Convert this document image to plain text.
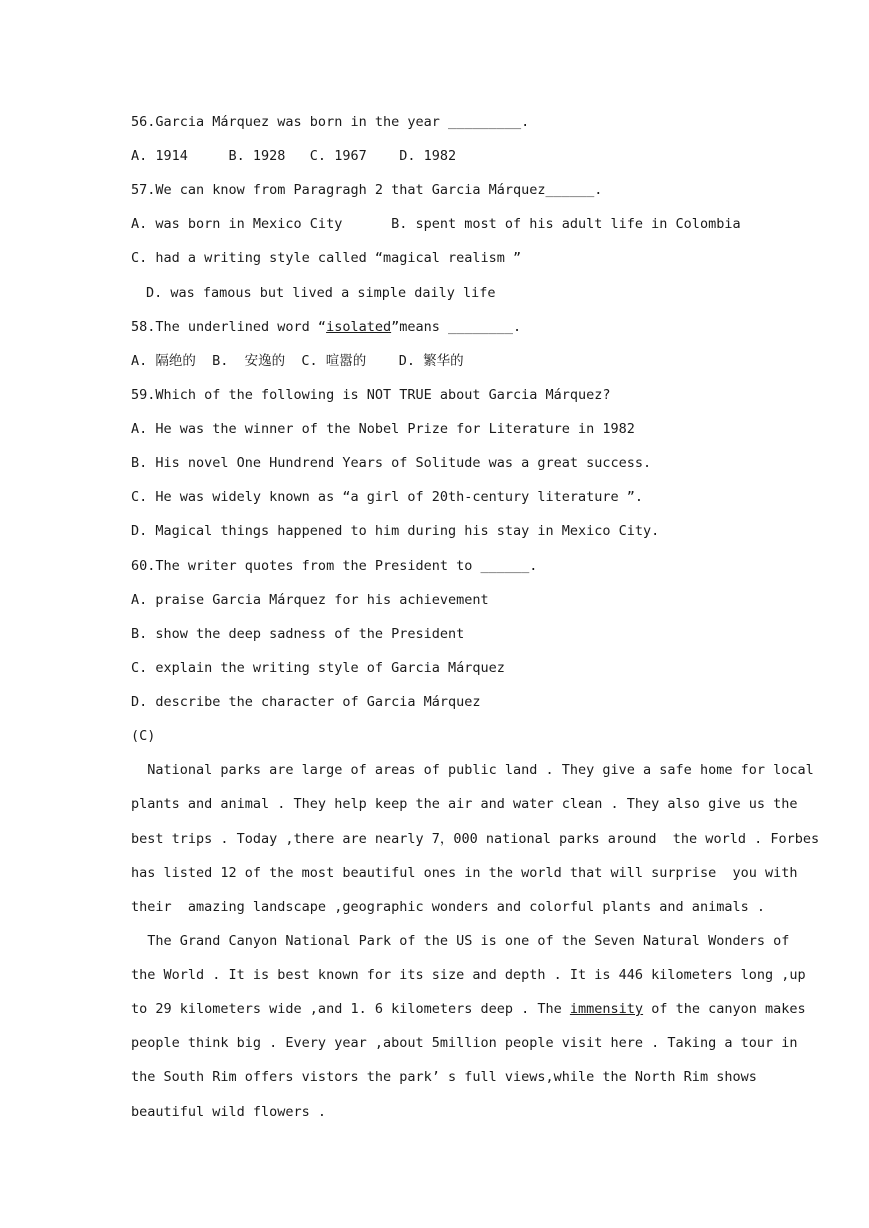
56.Garcia Márquez was born in the year _________.
A. 1914     B. 1928   C. 1967    D. 1982
57.We can know from Paragragh 2 that Garcia Márquez______.
A. was born in Mexico City      B. spent most of his adult life in Colombia
C. had a writing style called “magical realism ”
D. was famous but lived a simple daily life
58.The underlined word “isolated”means ________.
A. 隔绝的  B.  安逸的  C. 喧嚣的    D. 繁华的
59.Which of the following is NOT TRUE about Garcia Márquez?
A. He was the winner of the Nobel Prize for Literature in 1982
B. His novel One Hundrend Years of Solitude was a great success.
C. He was widely known as “a girl of 20th-century literature ”.
D. Magical things happened to him during his stay in Mexico City.
60.The writer quotes from the President to ______.
A. praise Garcia Márquez for his achievement
B. show the deep sadness of the President
C. explain the writing style of Garcia Márquez
D. describe the character of Garcia Márquez
(C)
National parks are large of areas of public land . They give a safe home for local
plants and animal . They help keep the air and water clean . They also give us the
best trips . Today ,there are nearly 7，000 national parks around  the world . Forbes
has listed 12 of the most beautiful ones in the world that will surprise  you with
their  amazing landscape ,geographic wonders and colorful plants and animals .
The Grand Canyon National Park of the US is one of the Seven Natural Wonders of
the World . It is best known for its size and depth . It is 446 kilometers long ,up
to 29 kilometers wide ,and 1. 6 kilometers deep . The immensity of the canyon makes
people think big . Every year ,about 5million people visit here . Taking a tour in
the South Rim offers vistors the park’ s full views,while the North Rim shows
beautiful wild flowers .
